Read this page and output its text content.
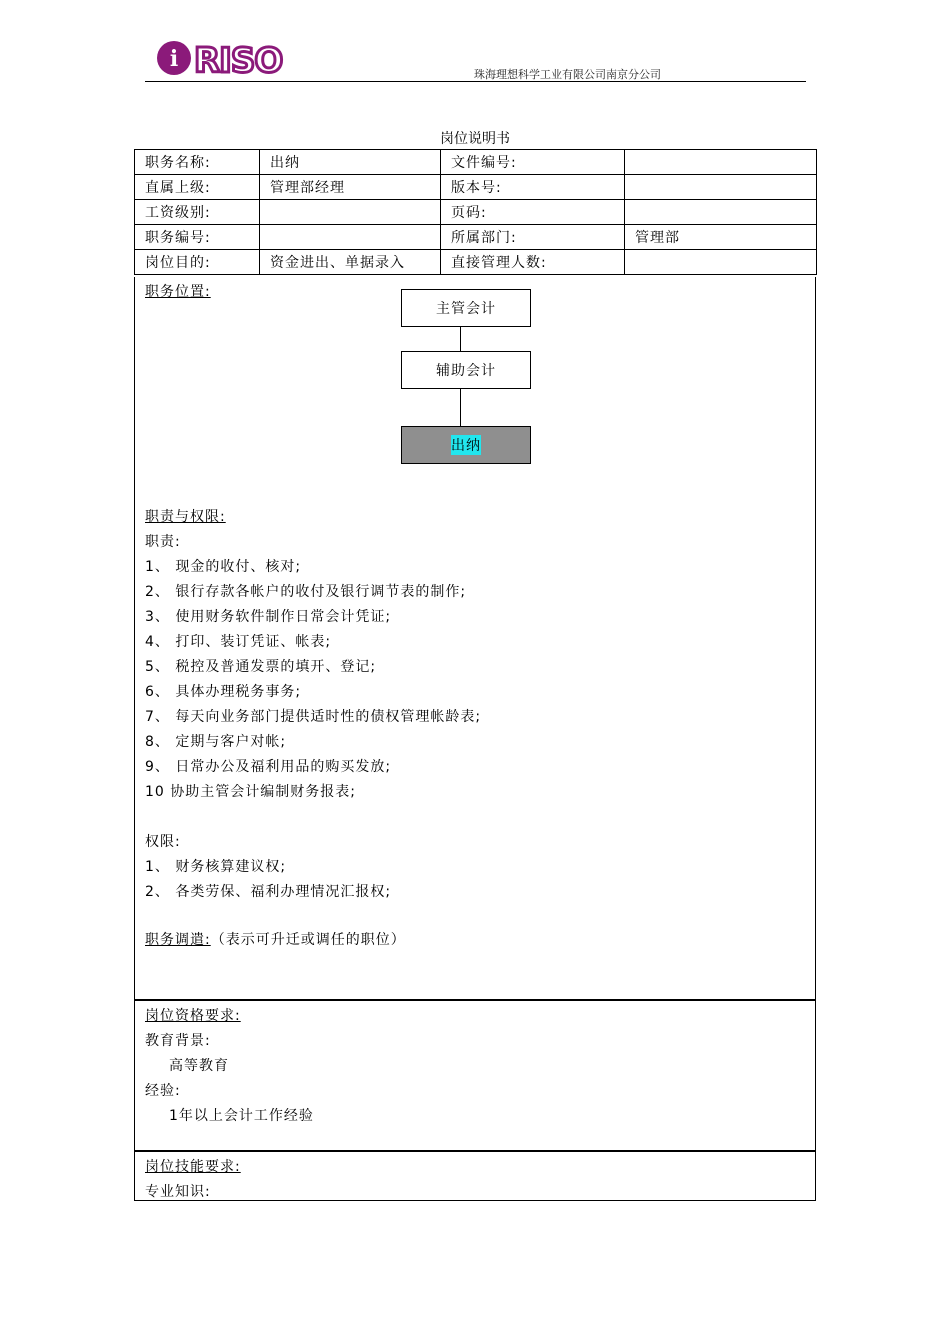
i RISO	珠海理想科学工业有限公司南京分公司
岗位说明书
职务名称:	出纳	文件编号:	
直属上级:	管理部经理	版本号:	
工资级别:		页码:	
职务编号:		所属部门:	管理部
岗位目的:	资金进出、单据录入	直接管理人数:	
职务位置:
主管会计
辅助会计
出纳
职责与权限:
职责:
1、 现金的收付、核对;
2、 银行存款各帐户的收付及银行调节表的制作;
3、 使用财务软件制作日常会计凭证;
4、 打印、装订凭证、帐表;
5、 税控及普通发票的填开、登记;
6、 具体办理税务事务;
7、 每天向业务部门提供适时性的债权管理帐龄表;
8、 定期与客户对帐;
9、 日常办公及福利用品的购买发放;
10 协助主管会计编制财务报表;
权限:
1、 财务核算建议权;
2、 各类劳保、福利办理情况汇报权;
职务调遣:（表示可升迁或调任的职位）
岗位资格要求:
教育背景:
高等教育
经验:
1年以上会计工作经验
岗位技能要求:
专业知识:
